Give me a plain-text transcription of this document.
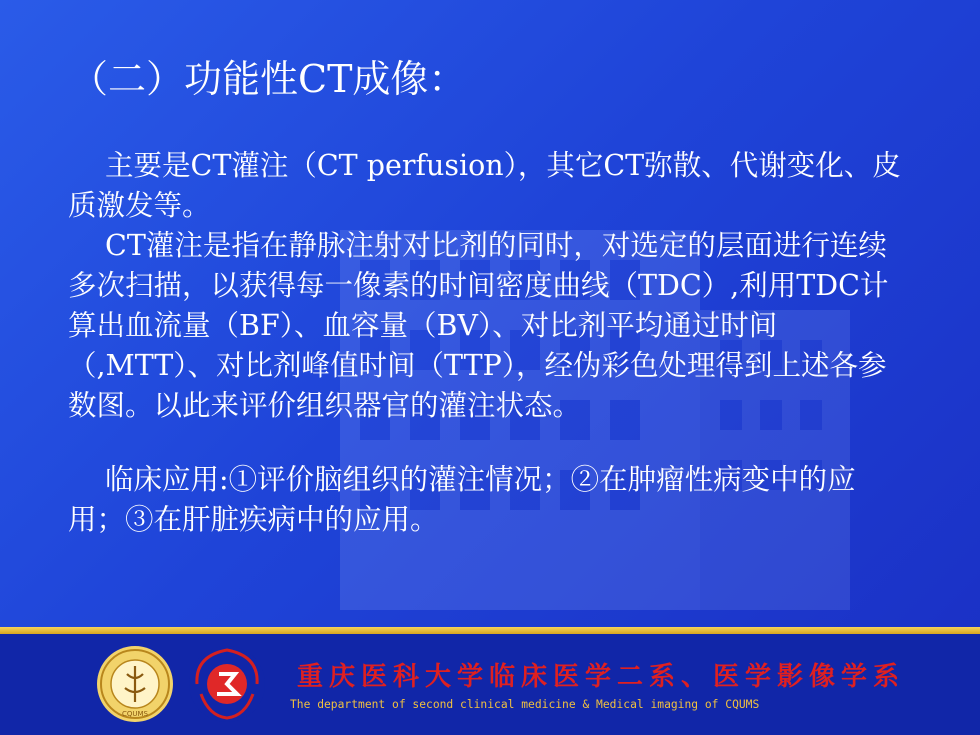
（二）功能性CT成像：

主要是CT灌注（CT perfusion），其它CT弥散、代谢变化、皮质激发等。

CT灌注是指在静脉注射对比剂的同时，对选定的层面进行连续多次扫描，以获得每一像素的时间密度曲线（TDC）,利用TDC计算出血流量（BF）、血容量（BV）、对比剂平均通过时间（,MTT）、对比剂峰值时间（TTP），经伪彩色处理得到上述各参数图。以此来评价组织器官的灌注状态。

临床应用:①评价脑组织的灌注情况；②在肿瘤性病变中的应用；③在肝脏疾病中的应用。

CQUMS
重庆医科大学临床医学二系、医学影像学系
The department of second clinical medicine & Medical imaging of CQUMS
